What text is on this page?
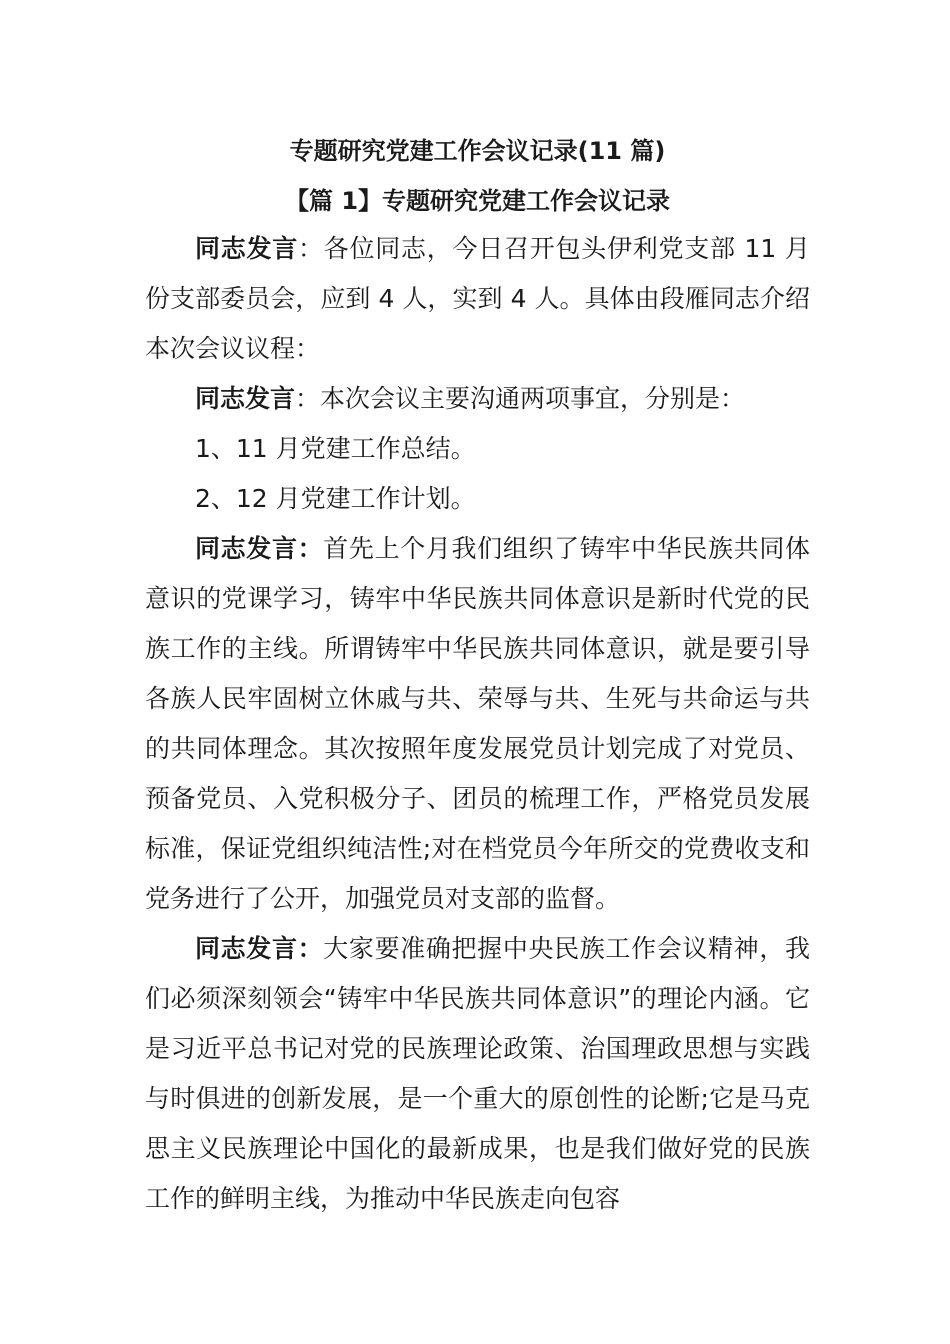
专题研究党建工作会议记录(11 篇)
【篇 1】专题研究党建工作会议记录

同志发言：各位同志，今日召开包头伊利党支部 11 月份支部委员会，应到 4 人，实到 4 人。具体由段雁同志介绍本次会议议程：

同志发言：本次会议主要沟通两项事宜，分别是：

1、11 月党建工作总结。

2、12 月党建工作计划。

同志发言：首先上个月我们组织了铸牢中华民族共同体意识的党课学习，铸牢中华民族共同体意识是新时代党的民族工作的主线。所谓铸牢中华民族共同体意识，就是要引导各族人民牢固树立休戚与共、荣辱与共、生死与共命运与共的共同体理念。其次按照年度发展党员计划完成了对党员、预备党员、入党积极分子、团员的梳理工作，严格党员发展标准，保证党组织纯洁性;对在档党员今年所交的党费收支和党务进行了公开，加强党员对支部的监督。

同志发言：大家要准确把握中央民族工作会议精神，我们必须深刻领会“铸牢中华民族共同体意识”的理论内涵。它是习近平总书记对党的民族理论政策、治国理政思想与实践与时俱进的创新发展，是一个重大的原创性的论断;它是马克思主义民族理论中国化的最新成果，也是我们做好党的民族工作的鲜明主线，为推动中华民族走向包容
